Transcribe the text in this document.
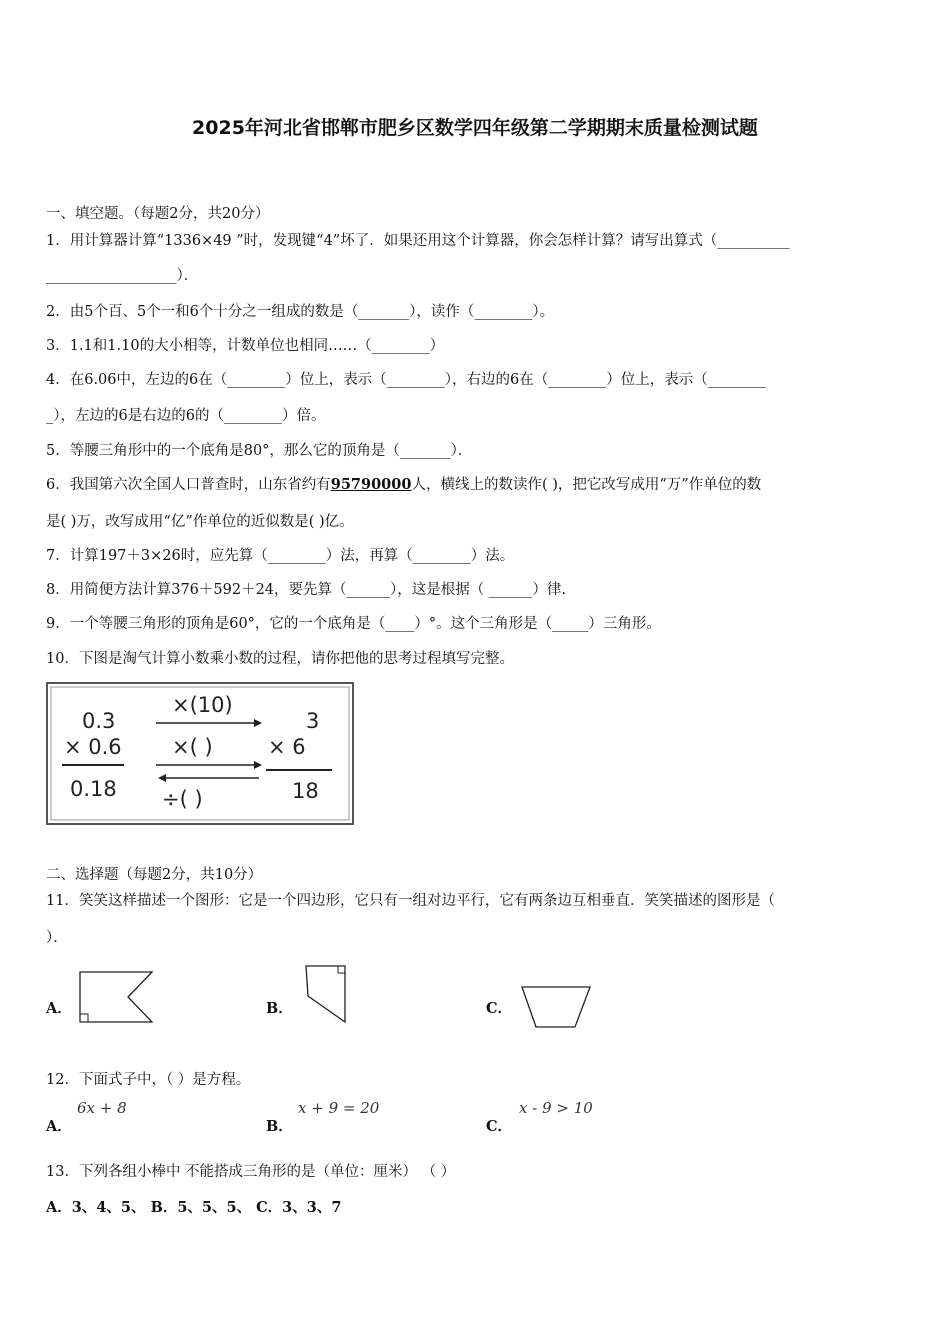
2025年河北省邯郸市肥乡区数学四年级第二学期期末质量检测试题
一、填空题。（每题2分，共20分）
1．用计算器计算“1336×49 ”时，发现键“4”坏了．如果还用这个计算器，你会怎样计算？请写出算式（__________
__________________）．
2．由5个百、5个一和6个十分之一组成的数是（_______），读作（________）。
3．1.1和1.10的大小相等，计数单位也相同……（________）
4．在6.06中，左边的6在（________）位上，表示（________），右边的6在（________）位上，表示（________
_），左边的6是右边的6的（________）倍。
5．等腰三角形中的一个底角是80°，那么它的顶角是（_______）．
6．我国第六次全国人口普查时，山东省约有95790000人，横线上的数读作( )，把它改写成用“万”作单位的数
是( )万，改写成用“亿”作单位的近似数是( )亿。
7．计算197＋3×26时，应先算（________）法，再算（________）法。
8．用简便方法计算376＋592＋24，要先算（______），这是根据（ ______）律.
9．一个等腰三角形的顶角是60°，它的一个底角是（____）°。这个三角形是（_____）三角形。
10．下图是淘气计算小数乘小数的过程，请你把他的思考过程填写完整。
0.3
× 0.6
0.18
×(10)
×( )
÷( )
3
× 6
18
二、选择题（每题2分，共10分）
11．笑笑这样描述一个图形：它是一个四边形，它只有一组对边平行，它有两条边互相垂直．笑笑描述的图形是（
）．
A．	B．	C．
12．下面式子中，（ ）是方程。
A．
6x + 8
B．
x + 9 = 20
C．
x - 9 > 10
13．下列各组小棒中 不能搭成三角形的是（单位：厘米） （ ）
A．3、4、5、 B．5、5、5、 C．3、3、7
